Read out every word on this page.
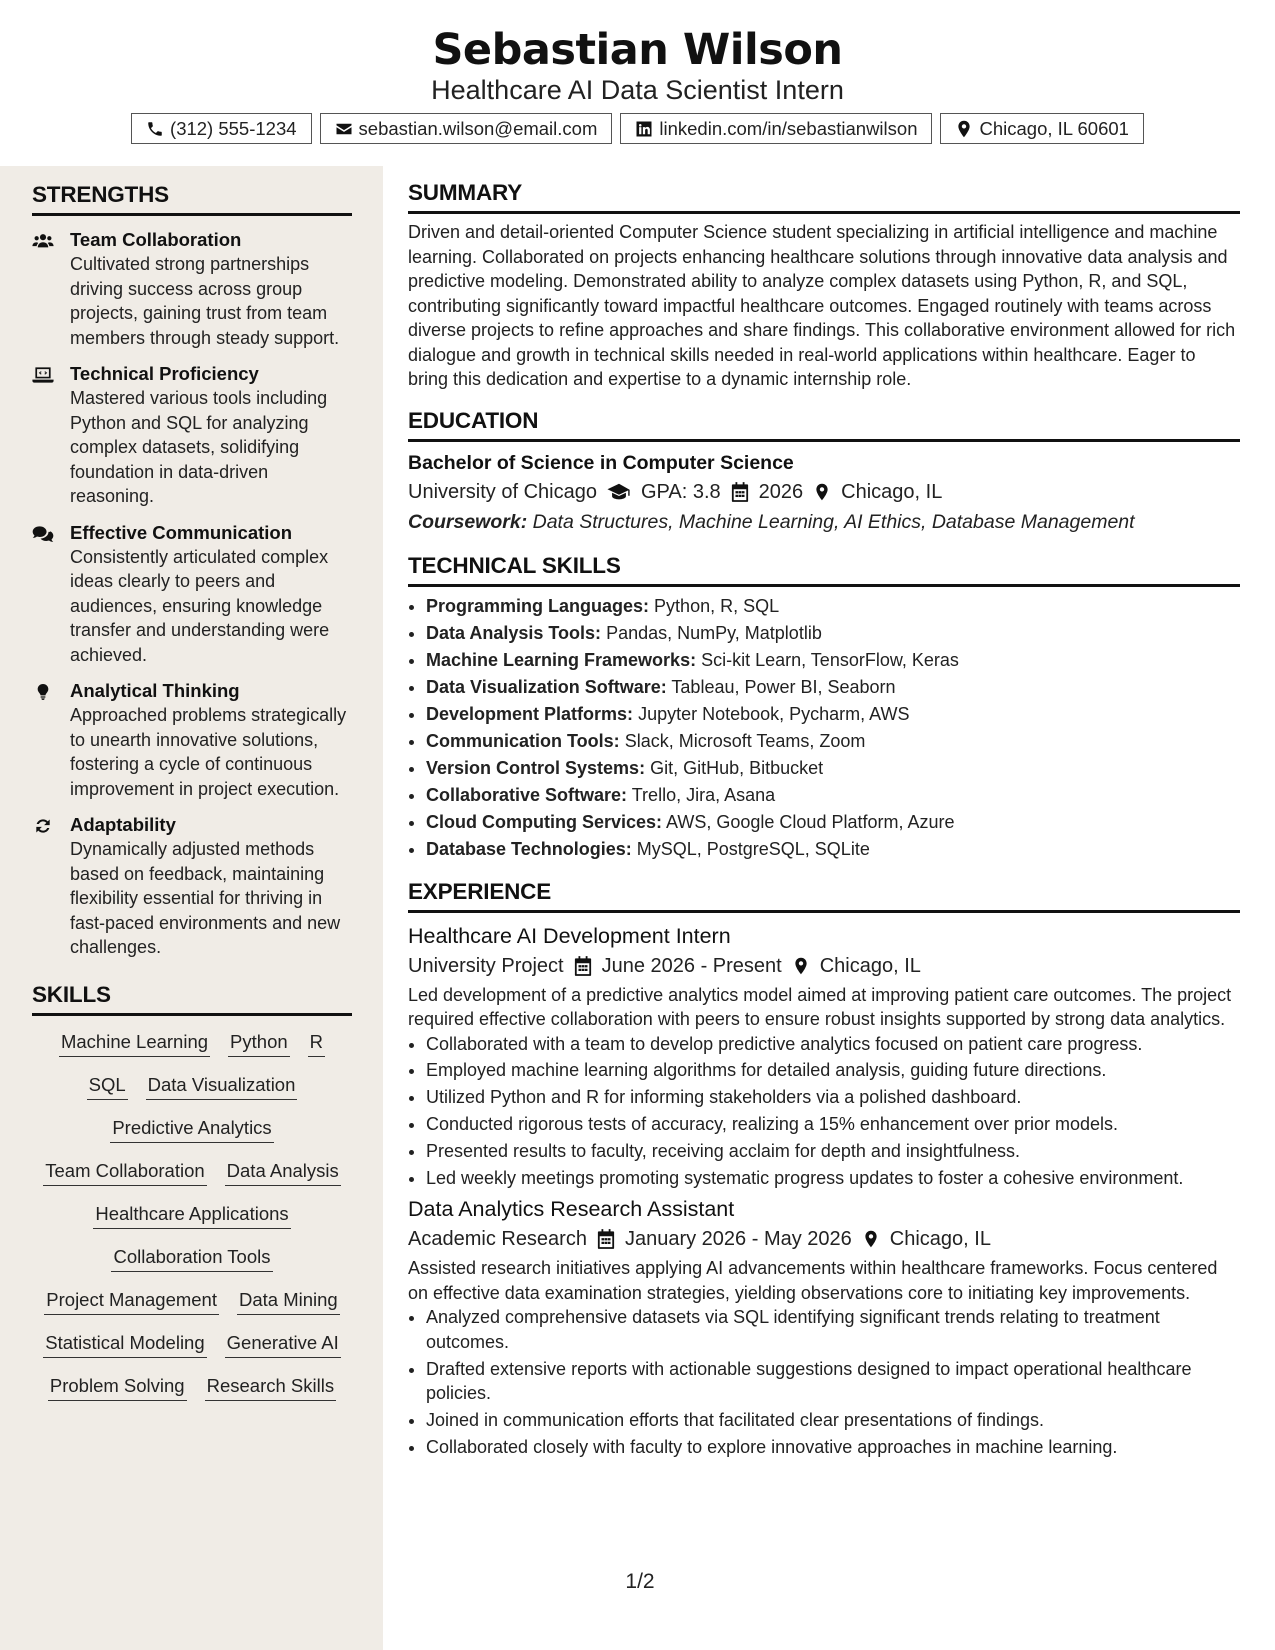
Sebastian Wilson
Healthcare AI Data Scientist Intern
(312) 555-1234	sebastian.wilson@email.com	linkedin.com/in/sebastianwilson	Chicago, IL 60601
STRENGTHS
Team Collaboration
Cultivated strong partnerships driving success across group projects, gaining trust from team members through steady support.
Technical Proficiency
Mastered various tools including Python and SQL for analyzing complex datasets, solidifying foundation in data-driven reasoning.
Effective Communication
Consistently articulated complex ideas clearly to peers and audiences, ensuring knowledge transfer and understanding were achieved.
Analytical Thinking
Approached problems strategically to unearth innovative solutions, fostering a cycle of continuous improvement in project execution.
Adaptability
Dynamically adjusted methods based on feedback, maintaining flexibility essential for thriving in fast-paced environments and new challenges.
SKILLS
Machine Learning Python R
SQL Data Visualization
Predictive Analytics
Team Collaboration Data Analysis
Healthcare Applications
Collaboration Tools
Project Management Data Mining
Statistical Modeling Generative AI
Problem Solving Research Skills
SUMMARY

Driven and detail-oriented Computer Science student specializing in artificial intelligence and machine learning. Collaborated on projects enhancing healthcare solutions through innovative data analysis and predictive modeling. Demonstrated ability to analyze complex datasets using Python, R, and SQL, contributing significantly toward impactful healthcare outcomes. Engaged routinely with teams across diverse projects to refine approaches and share findings. This collaborative environment allowed for rich dialogue and growth in technical skills needed in real-world applications within healthcare. Eager to bring this dedication and expertise to a dynamic internship role.

EDUCATION
Bachelor of Science in Computer Science
University of Chicago GPA: 3.8 2026 Chicago, IL
Coursework: Data Structures, Machine Learning, AI Ethics, Database Management
TECHNICAL SKILLS
• Programming Languages: Python, R, SQL
• Data Analysis Tools: Pandas, NumPy, Matplotlib
• Machine Learning Frameworks: Sci-kit Learn, TensorFlow, Keras
• Data Visualization Software: Tableau, Power BI, Seaborn
• Development Platforms: Jupyter Notebook, Pycharm, AWS
• Communication Tools: Slack, Microsoft Teams, Zoom
• Version Control Systems: Git, GitHub, Bitbucket
• Collaborative Software: Trello, Jira, Asana
• Cloud Computing Services: AWS, Google Cloud Platform, Azure
• Database Technologies: MySQL, PostgreSQL, SQLite
EXPERIENCE
Healthcare AI Development Intern
University Project June 2026 - Present Chicago, IL

Led development of a predictive analytics model aimed at improving patient care outcomes. The project required effective collaboration with peers to ensure robust insights supported by strong data analytics.

• Collaborated with a team to develop predictive analytics focused on patient care progress.
• Employed machine learning algorithms for detailed analysis, guiding future directions.
• Utilized Python and R for informing stakeholders via a polished dashboard.
• Conducted rigorous tests of accuracy, realizing a 15% enhancement over prior models.
• Presented results to faculty, receiving acclaim for depth and insightfulness.
• Led weekly meetings promoting systematic progress updates to foster a cohesive environment.
Data Analytics Research Assistant
Academic Research January 2026 - May 2026 Chicago, IL

Assisted research initiatives applying AI advancements within healthcare frameworks. Focus centered on effective data examination strategies, yielding observations core to initiating key improvements.

• Analyzed comprehensive datasets via SQL identifying significant trends relating to treatment outcomes.
• Drafted extensive reports with actionable suggestions designed to impact operational healthcare policies.
• Joined in communication efforts that facilitated clear presentations of findings.
• Collaborated closely with faculty to explore innovative approaches in machine learning.
1/2
